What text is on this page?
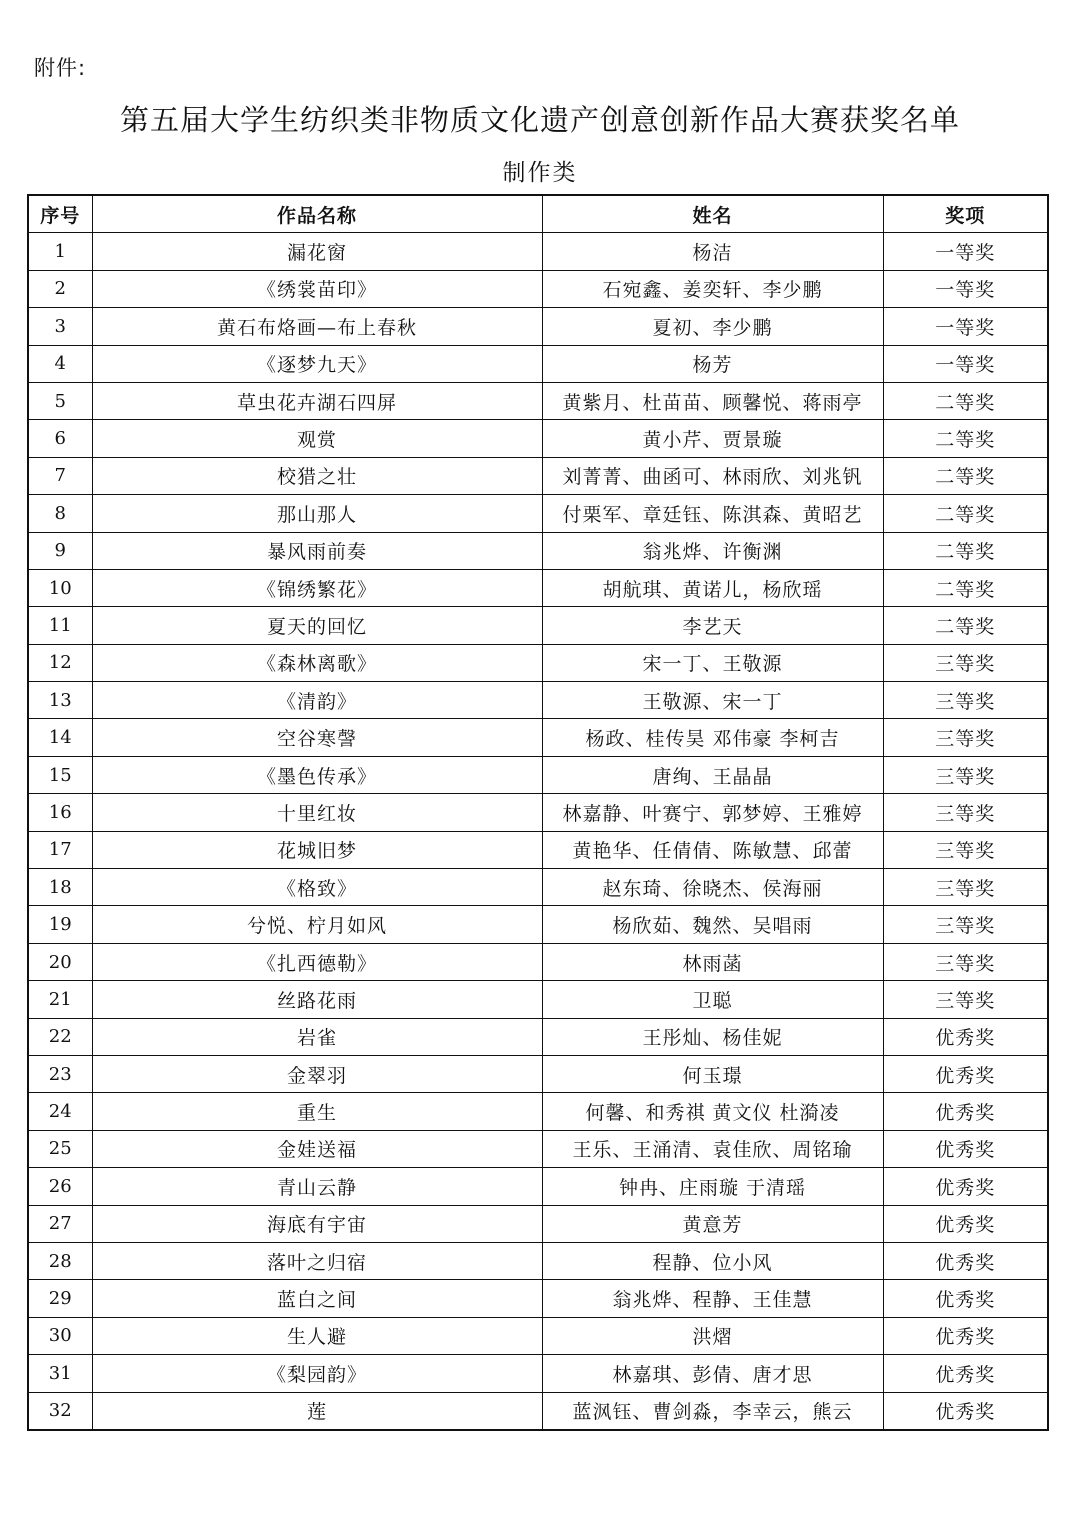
附件:
第五届大学生纺织类非物质文化遗产创意创新作品大赛获奖名单
制作类
序号	作品名称	姓名	奖项
1	漏花窗	杨洁	一等奖
2	《绣裳苗印》	石宛鑫、姜奕轩、李少鹏	一等奖
3	黄石布烙画—布上春秋	夏初、李少鹏	一等奖
4	《逐梦九天》	杨芳	一等奖
5	草虫花卉湖石四屏	黄紫月、杜苗苗、顾馨悦、蒋雨亭	二等奖
6	观赏	黄小芹、贾景璇	二等奖
7	校猎之壮	刘菁菁、曲函可、林雨欣、刘兆钒	二等奖
8	那山那人	付栗军、章廷钰、陈淇森、黄昭艺	二等奖
9	暴风雨前奏	翁兆烨、许衡渊	二等奖
10	《锦绣繁花》	胡航琪、黄诺儿，杨欣瑶	二等奖
11	夏天的回忆	李艺天	二等奖
12	《森林离歌》	宋一丁、王敬源	三等奖
13	《清韵》	王敬源、宋一丁	三等奖
14	空谷寒謦	杨政、桂传昊 邓伟豪 李柯吉	三等奖
15	《墨色传承》	唐绚、王晶晶	三等奖
16	十里红妆	林嘉静、叶赛宁、郭梦婷、王雅婷	三等奖
17	花城旧梦	黄艳华、任倩倩、陈敏慧、邱蕾	三等奖
18	《格致》	赵东琦、徐晓杰、侯海丽	三等奖
19	兮悦、柠月如风	杨欣茹、魏然、吴唱雨	三等奖
20	《扎西德勒》	林雨菡	三等奖
21	丝路花雨	卫聪	三等奖
22	岩雀	王彤灿、杨佳妮	优秀奖
23	金翠羽	何玉璟	优秀奖
24	重生	何馨、和秀祺 黄文仪 杜漪凌	优秀奖
25	金娃送福	王乐、王涌清、袁佳欣、周铭瑜	优秀奖
26	青山云静	钟冉、庄雨璇 于清瑶	优秀奖
27	海底有宇宙	黄意芳	优秀奖
28	落叶之归宿	程静、位小风	优秀奖
29	蓝白之间	翁兆烨、程静、王佳慧	优秀奖
30	生人避	洪熠	优秀奖
31	《梨园韵》	林嘉琪、彭倩、唐才思	优秀奖
32	莲	蓝沨钰、曹剑淼，李幸云，熊云	优秀奖
